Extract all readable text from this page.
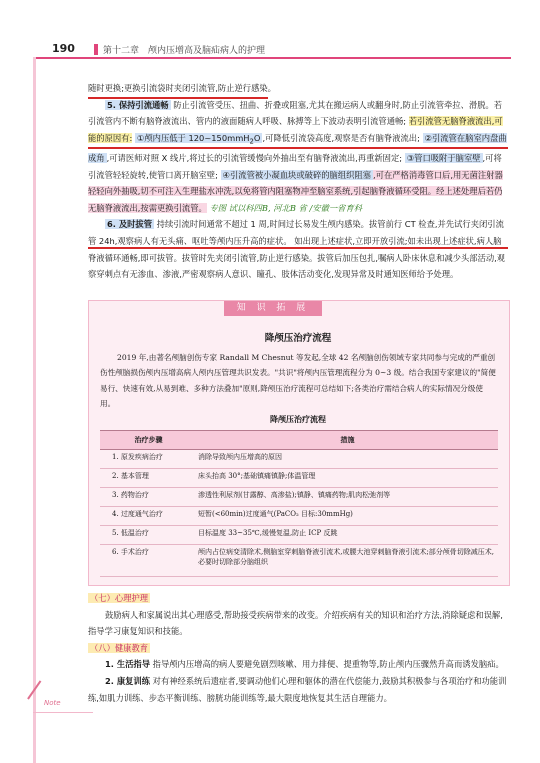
190	第十二章　颅内压增高及脑疝病人的护理

随时更换;更换引流袋时夹闭引流管,防止逆行感染。

5. 保持引流通畅 防止引流管受压、扭曲、折叠或阻塞,尤其在搬运病人或翻身时,防止引流管牵拉、滑脱。若引流管内不断有脑脊液流出、管内的液面随病人呼吸、脉搏等上下波动表明引流管通畅; 若引流管无脑脊液流出,可能的原因有: ①颅内压低于 120~150mmH$_2$O ,可降低引流袋高度,观察是否有脑脊液流出; ②引流管在脑室内盘曲成角 ,可请医师对照 X 线片,将过长的引流管缓慢向外抽出至有脑脊液流出,再重新固定; ③管口吸附于脑室壁 ,可将引流管轻轻旋转,使管口离开脑室壁; ④引流管被小凝血块或破碎的脑组织阻塞 ,可在严格消毒管口后,用无菌注射器轻轻向外抽吸,切不可注入生理盐水冲洗,以免将管内阻塞物冲至脑室系统,引起脑脊液循环受阻。经上述处理后若仍无脑脊液流出,按需更换引流管。 专图 试以科四B, 河北B 省 /安徽一省育科

6. 及时拔管 持续引流时间通常不超过 1 周,时间过长易发生颅内感染。拔管前行 CT 检查,并先试行夹闭引流管 24h,观察病人有无头痛、呕吐等颅内压升高的症状。 如出现上述症状,立即开放引流;如未出现上述症状,病人脑脊液循环通畅,即可拔管。拔管时先夹闭引流管,防止逆行感染。拔管后加压包扎,嘱病人卧床休息和减少头部活动,观察穿刺点有无渗血、渗液,严密观察病人意识、瞳孔、肢体活动变化,发现异常及时通知医师给予处理。

知 识 拓 展
降颅压治疗流程

2019 年,由著名颅脑创伤专家 Randall M Chesnut 等发起,全球 42 名颅脑创伤领域专家共同参与完成的严重创伤性颅脑损伤颅内压增高病人颅内压管理共识发表。"共识"将颅内压管理流程分为 0~3 级。结合我国专家建议的"简便易行、快速有效,从易到难、多种方法叠加"原则,降颅压治疗流程可总结如下;各类治疗需结合病人的实际情况分级使用。

降颅压治疗流程
治疗步骤	措施
1. 原发疾病治疗	消除导致颅内压增高的原因
2. 基本管理	床头抬高 30°;基础镇痛镇静;体温管理
3. 药物治疗	渗透性利尿剂(甘露醇、高渗盐);镇静、镇痛药物;肌肉松弛剂等
4. 过度通气治疗	短暂(<60min)过度通气(PaCO₂ 目标:30mmHg)
5. 低温治疗	目标温度 33~35℃,缓慢复温,防止 ICP 反跳
6. 手术治疗	颅内占位病变清除术,侧脑室穿刺脑脊液引流术,或腰大池穿刺脑脊液引流术;部分颅骨切除减压术,必要时切除部分脑组织

（七）心理护理

鼓励病人和家属说出其心理感受,帮助接受疾病带来的改变。介绍疾病有关的知识和治疗方法,消除疑虑和误解,指导学习康复知识和技能。

（八）健康教育

1. 生活指导 指导颅内压增高的病人要避免剧烈咳嗽、用力排便、提重物等,防止颅内压骤然升高而诱发脑疝。

2. 康复训练 对有神经系统后遗症者,要调动他们心理和躯体的潜在代偿能力,鼓励其积极参与各项治疗和功能训练,如肌力训练、步态平衡训练、膀胱功能训练等,最大限度地恢复其生活自理能力。

Note
